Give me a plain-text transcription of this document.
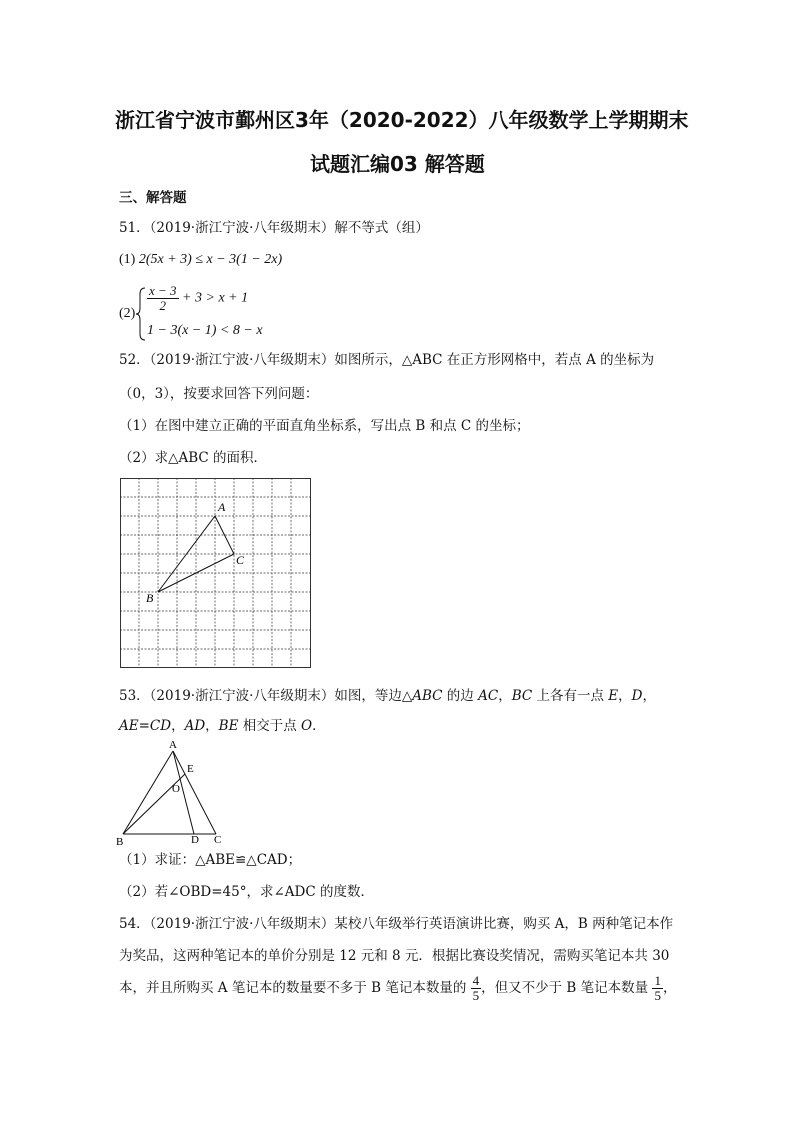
浙江省宁波市鄞州区3年（2020-2022）八年级数学上学期期末
试题汇编03 解答题
三、解答题
51．（2019·浙江宁波·八年级期末）解不等式（组）
(1) 2(5x + 3) ≤ x − 3(1 − 2x)
(2)
$\frac{x - 3}{2} + 3 > x + 1$
1 − 3(x − 1) < 8 − x
52．（2019·浙江宁波·八年级期末）如图所示，△ABC 在正方形网格中，若点 A 的坐标为
（0，3），按要求回答下列问题：
（1）在图中建立正确的平面直角坐标系，写出点 B 和点 C 的坐标；
（2）求△ABC 的面积．
A
C
B
53．（2019·浙江宁波·八年级期末）如图，等边△ABC 的边 AC，BC 上各有一点 E，D，
AE=CD，AD，BE 相交于点 O．
A
E
O
B	D C
（1）求证：△ABE≌△CAD；
（2）若∠OBD=45°，求∠ADC 的度数．
54．（2019·浙江宁波·八年级期末）某校八年级举行英语演讲比赛，购买 A，B 两种笔记本作
为奖品，这两种笔记本的单价分别是 12 元和 8 元．根据比赛设奖情况，需购买笔记本共 30
本，并且所购买 A 笔记本的数量要不多于 B 笔记本数量的 $\frac{4}{5}$ ，但又不少于 B 笔记本数量 $\frac{1}{5}$ ，
